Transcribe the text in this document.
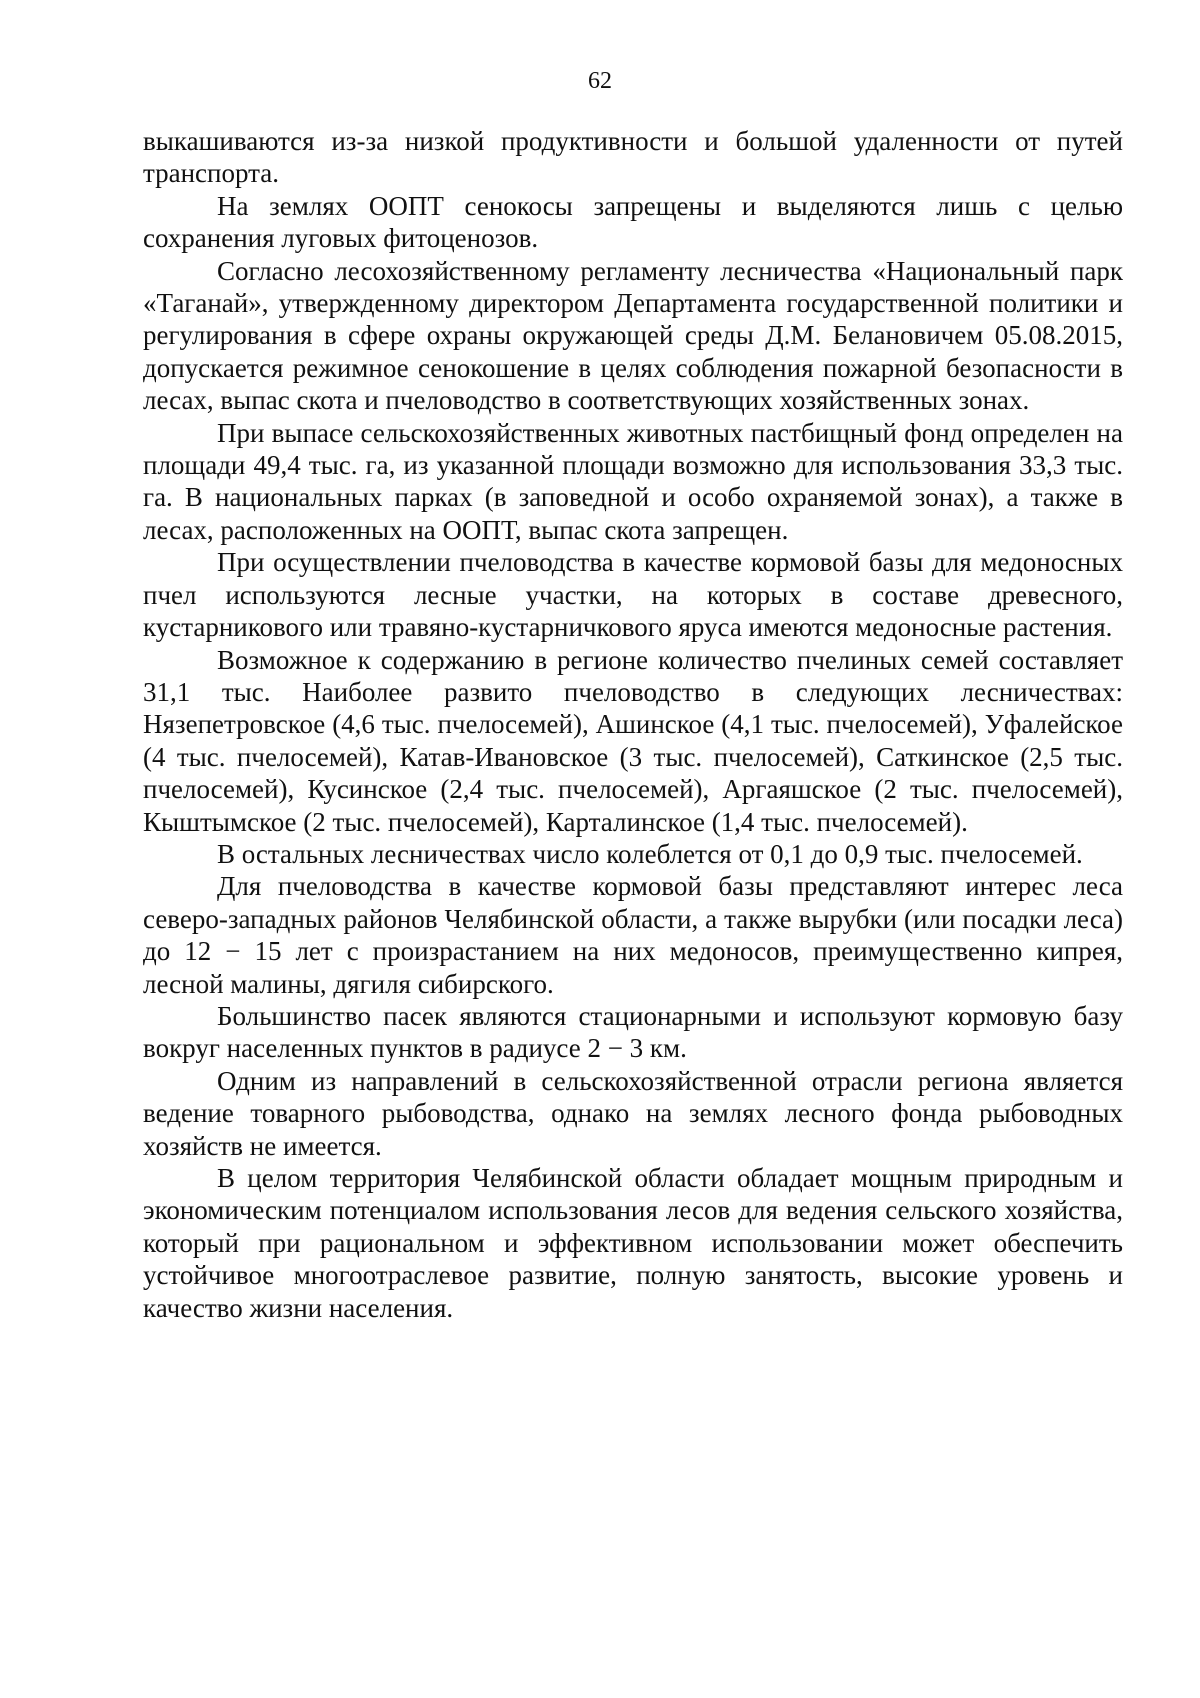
62

выкашиваются из-за низкой продуктивности и большой удаленности от путей транспорта.

На землях ООПТ сенокосы запрещены и выделяются лишь с целью сохранения луговых фитоценозов.

Согласно лесохозяйственному регламенту лесничества «Национальный парк «Таганай», утвержденному директором Департамента государственной политики и регулирования в сфере охраны окружающей среды Д.М. Белановичем 05.08.2015, допускается режимное сенокошение в целях соблюдения пожарной безопасности в лесах, выпас скота и пчеловодство в соответствующих хозяйственных зонах.

При выпасе сельскохозяйственных животных пастбищный фонд определен на площади 49,4 тыс. га, из указанной площади возможно для использования 33,3 тыс. га. В национальных парках (в заповедной и особо охраняемой зонах), а также в лесах, расположенных на ООПТ, выпас скота запрещен.

При осуществлении пчеловодства в качестве кормовой базы для медоносных пчел используются лесные участки, на которых в составе древесного, кустарникового или травяно-кустарничкового яруса имеются медоносные растения.

Возможное к содержанию в регионе количество пчелиных семей составляет 31,1 тыс. Наиболее развито пчеловодство в следующих лесничествах: Нязепетровское (4,6 тыс. пчелосемей), Ашинское (4,1 тыс. пчелосемей), Уфалейское (4 тыс. пчелосемей), Катав-Ивановское (3 тыс. пчелосемей), Саткинское (2,5 тыс. пчелосемей), Кусинское (2,4 тыс. пчелосемей), Аргаяшское (2 тыс. пчелосемей), Кыштымское (2 тыс. пчелосемей), Карталинское (1,4 тыс. пчелосемей).

В остальных лесничествах число колеблется от 0,1 до 0,9 тыс. пчелосемей.

Для пчеловодства в качестве кормовой базы представляют интерес леса северо-западных районов Челябинской области, а также вырубки (или посадки леса) до 12 − 15 лет с произрастанием на них медоносов, преимущественно кипрея, лесной малины, дягиля сибирского.

Большинство пасек являются стационарными и используют кормовую базу вокруг населенных пунктов в радиусе 2 − 3 км.

Одним из направлений в сельскохозяйственной отрасли региона является ведение товарного рыбоводства, однако на землях лесного фонда рыбоводных хозяйств не имеется.

В целом территория Челябинской области обладает мощным природным и экономическим потенциалом использования лесов для ведения сельского хозяйства, который при рациональном и эффективном использовании может обеспечить устойчивое многоотраслевое развитие, полную занятость, высокие уровень и качество жизни населения.
